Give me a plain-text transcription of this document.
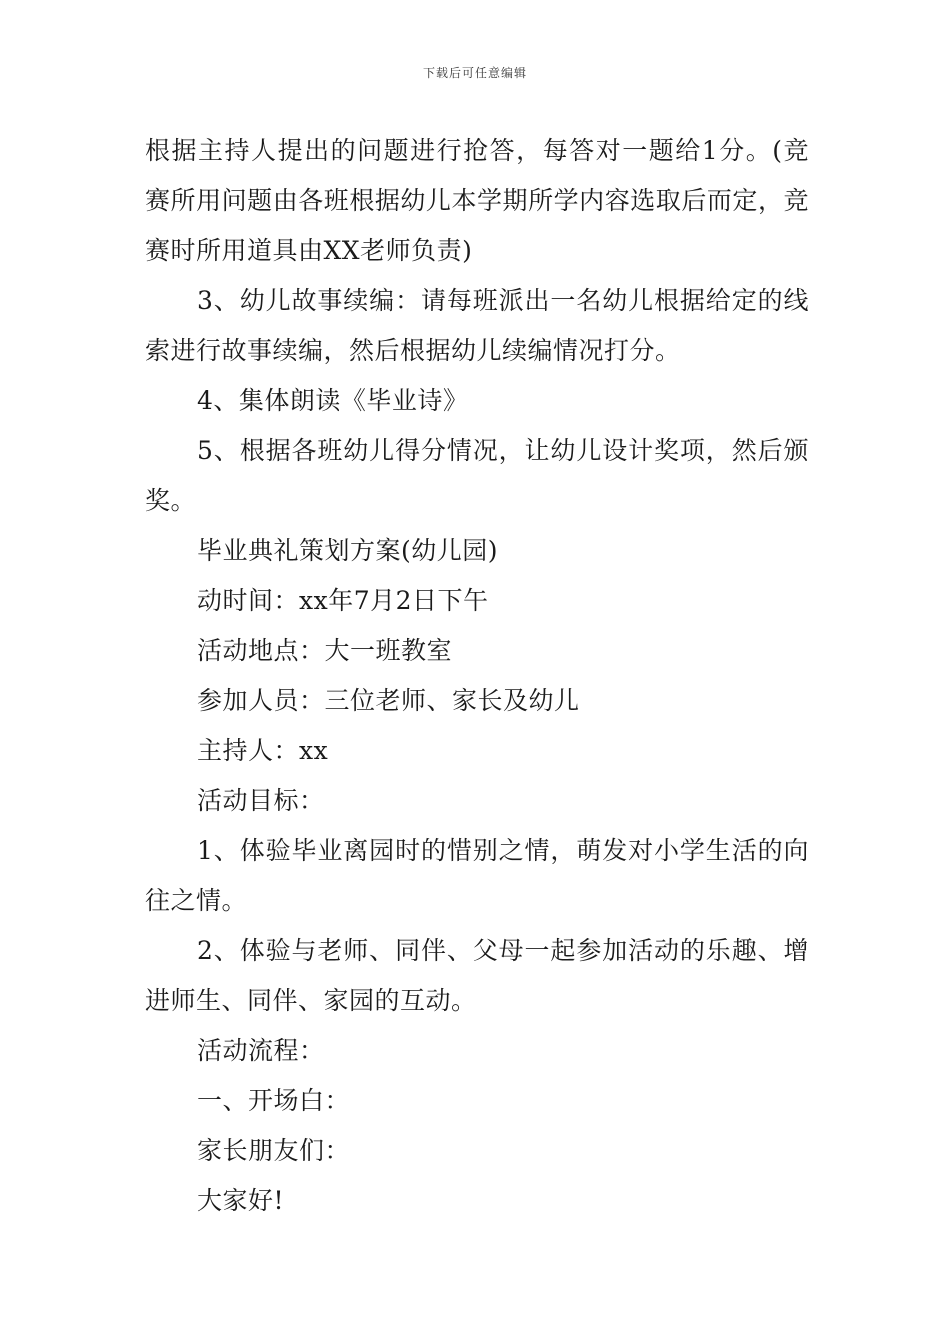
下载后可任意编辑

根据主持人提出的问题进行抢答，每答对一题给1分。(竞赛所用问题由各班根据幼儿本学期所学内容选取后而定，竞赛时所用道具由XX老师负责)

3、幼儿故事续编：请每班派出一名幼儿根据给定的线索进行故事续编，然后根据幼儿续编情况打分。

4、集体朗读《毕业诗》

5、根据各班幼儿得分情况，让幼儿设计奖项，然后颁奖。

毕业典礼策划方案(幼儿园)

动时间：xx年7月2日下午

活动地点：大一班教室

参加人员：三位老师、家长及幼儿

主持人：xx

活动目标：

1、体验毕业离园时的惜别之情，萌发对小学生活的向往之情。

2、体验与老师、同伴、父母一起参加活动的乐趣、增进师生、同伴、家园的互动。

活动流程：

一、开场白：

家长朋友们：

大家好!
